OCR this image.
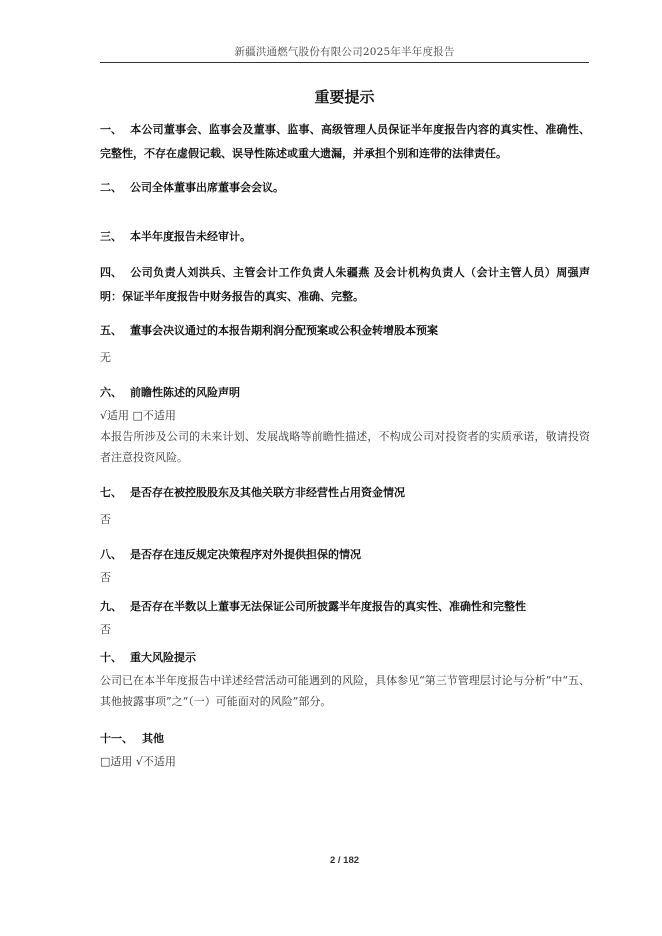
新疆洪通燃气股份有限公司2025年半年度报告
重要提示
一、 本公司董事会、监事会及董事、监事、高级管理人员保证半年度报告内容的真实性、准确性、完整性，不存在虚假记载、误导性陈述或重大遗漏，并承担个别和连带的法律责任。
二、 公司全体董事出席董事会会议。
三、 本半年度报告未经审计。
四、 公司负责人刘洪兵、主管会计工作负责人朱疆燕 及会计机构负责人（会计主管人员）周强声明：保证半年度报告中财务报告的真实、准确、完整。
五、 董事会决议通过的本报告期利润分配预案或公积金转增股本预案
无
六、 前瞻性陈述的风险声明
√适用 □不适用
本报告所涉及公司的未来计划、发展战略等前瞻性描述，不构成公司对投资者的实质承诺，敬请投资者注意投资风险。
七、 是否存在被控股股东及其他关联方非经营性占用资金情况
否
八、 是否存在违反规定决策程序对外提供担保的情况
否
九、 是否存在半数以上董事无法保证公司所披露半年度报告的真实性、准确性和完整性
否
十、 重大风险提示
公司已在本半年度报告中详述经营活动可能遇到的风险，具体参见“第三节管理层讨论与分析”中“五、其他披露事项”之“（一）可能面对的风险”部分。
十一、 其他
□适用 √不适用
2 / 182
